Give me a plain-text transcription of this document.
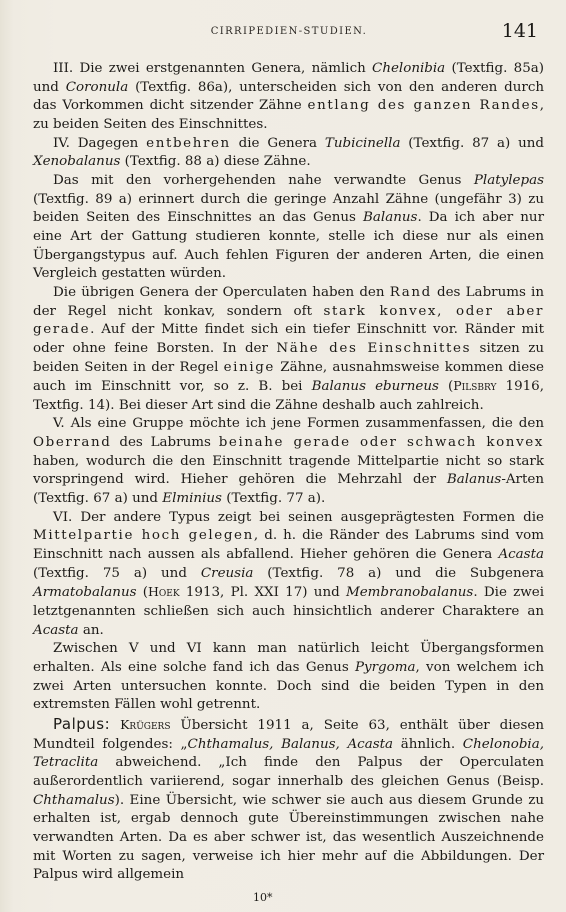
CIRRIPEDIEN-STUDIEN.	141

III. Die zwei erstgenannten Genera, nämlich Chelonibia (Textfig. 85a) und Coronula (Textfig. 86a), unterscheiden sich von den anderen durch das Vorkommen dicht sitzender Zähne entlang des ganzen Randes, zu beiden Seiten des Einschnittes.

IV. Dagegen entbehren die Genera Tubicinella (Textfig. 87 a) und Xenobalanus (Textfig. 88 a) diese Zähne.

Das mit den vorhergehenden nahe verwandte Genus Platylepas (Textfig. 89 a) erinnert durch die geringe Anzahl Zähne (ungefähr 3) zu beiden Seiten des Einschnittes an das Genus Balanus. Da ich aber nur eine Art der Gattung studieren konnte, stelle ich diese nur als einen Übergangstypus auf. Auch fehlen Figuren der anderen Arten, die einen Vergleich gestatten würden.

Die übrigen Genera der Operculaten haben den Rand des Labrums in der Regel nicht konkav, sondern oft stark konvex, oder aber gerade. Auf der Mitte findet sich ein tiefer Einschnitt vor. Ränder mit oder ohne feine Borsten. In der Nähe des Einschnittes sitzen zu beiden Seiten in der Regel einige Zähne, ausnahmsweise kommen diese auch im Einschnitt vor, so z. B. bei Balanus eburneus (Pilsbry 1916, Textfig. 14). Bei dieser Art sind die Zähne deshalb auch zahlreich.

V. Als eine Gruppe möchte ich jene Formen zusammenfassen, die den Oberrand des Labrums beinahe gerade oder schwach konvex haben, wodurch die den Einschnitt tragende Mittelpartie nicht so stark vorspringend wird. Hieher gehören die Mehrzahl der Balanus-Arten (Textfig. 67 a) und Elminius (Textfig. 77 a).

VI. Der andere Typus zeigt bei seinen ausgeprägtesten Formen die Mittelpartie hoch gelegen, d. h. die Ränder des Labrums sind vom Einschnitt nach aussen als abfallend. Hieher gehören die Genera Acasta (Textfig. 75 a) und Creusia (Textfig. 78 a) und die Subgenera Armatobalanus (Hoek 1913, Pl. XXI 17) und Membranobalanus. Die zwei letztgenannten schließen sich auch hinsichtlich anderer Charaktere an Acasta an.

Zwischen V und VI kann man natürlich leicht Übergangsformen erhalten. Als eine solche fand ich das Genus Pyrgoma, von welchem ich zwei Arten untersuchen konnte. Doch sind die beiden Typen in den extremsten Fällen wohl getrennt.

Palpus: Krügers Übersicht 1911 a, Seite 63, enthält über diesen Mundteil folgendes: „Chthamalus, Balanus, Acasta ähnlich. Chelonobia, Tetraclita abweichend. „Ich finde den Palpus der Operculaten außerordentlich variierend, sogar innerhalb des gleichen Genus (Beisp. Chthamalus). Eine Übersicht, wie schwer sie auch aus diesem Grunde zu erhalten ist, ergab dennoch gute Übereinstimmungen zwischen nahe verwandten Arten. Da es aber schwer ist, das wesentlich Auszeichnende mit Worten zu sagen, verweise ich hier mehr auf die Abbildungen. Der Palpus wird allgemein

10*
